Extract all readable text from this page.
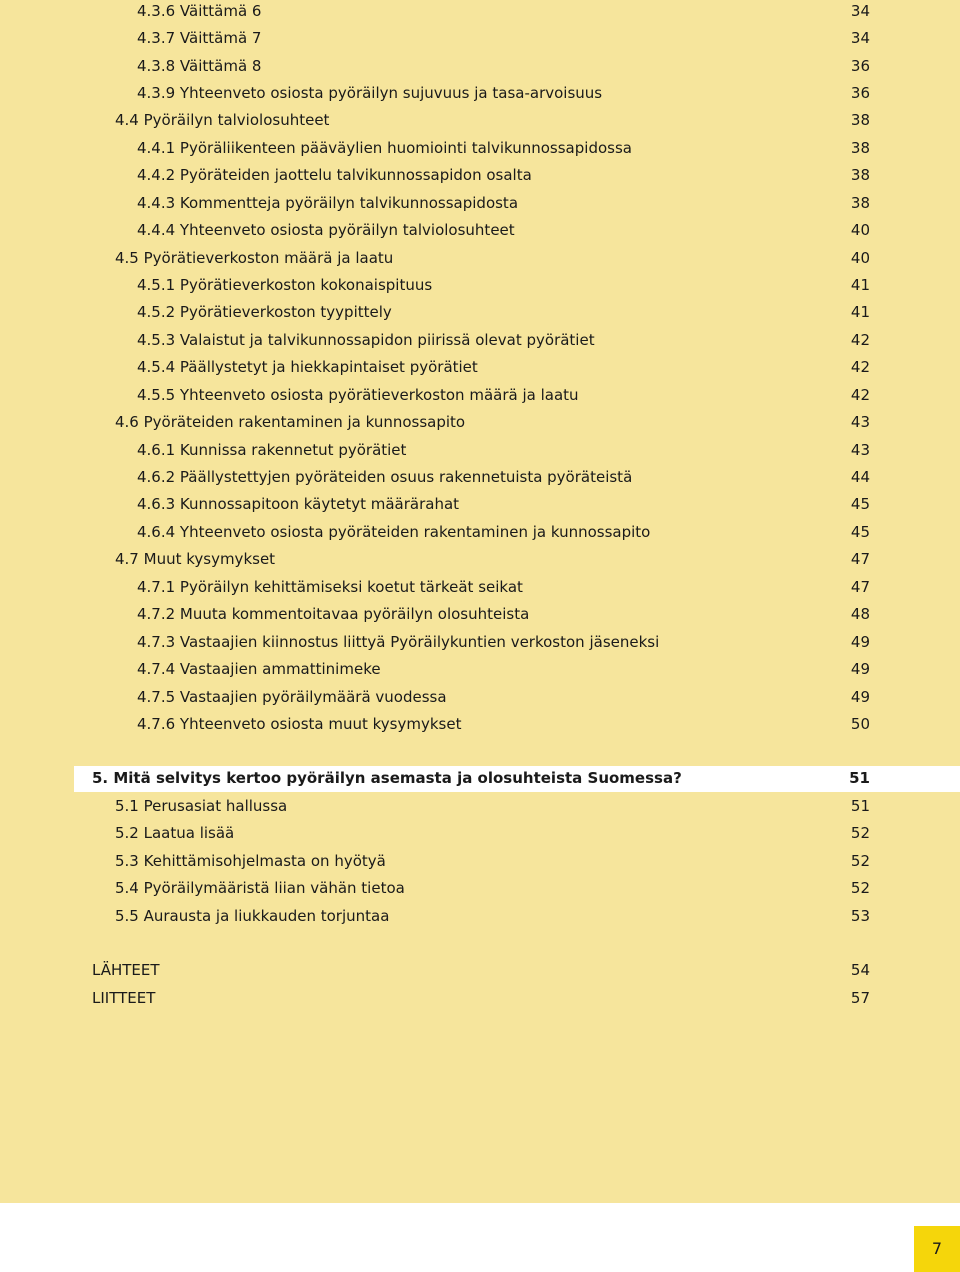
4.3.6 Väittämä 6	34
4.3.7 Väittämä 7	34
4.3.8 Väittämä 8	36
4.3.9 Yhteenveto osiosta pyöräilyn sujuvuus ja tasa-arvoisuus	36
4.4 Pyöräilyn talviolosuhteet	38
4.4.1 Pyöräliikenteen pääväylien huomiointi talvikunnossapidossa	38
4.4.2 Pyöräteiden jaottelu talvikunnossapidon osalta	38
4.4.3 Kommentteja pyöräilyn talvikunnossapidosta	38
4.4.4 Yhteenveto osiosta pyöräilyn talviolosuhteet	40
4.5 Pyörätieverkoston määrä ja laatu	40
4.5.1 Pyörätieverkoston kokonaispituus	41
4.5.2 Pyörätieverkoston tyypittely	41
4.5.3 Valaistut ja talvikunnossapidon piirissä olevat pyörätiet	42
4.5.4 Päällystetyt ja hiekkapintaiset pyörätiet	42
4.5.5 Yhteenveto osiosta pyörätieverkoston määrä ja laatu	42
4.6 Pyöräteiden rakentaminen ja kunnossapito	43
4.6.1 Kunnissa rakennetut pyörätiet	43
4.6.2 Päällystettyjen pyöräteiden osuus rakennetuista pyöräteistä	44
4.6.3 Kunnossapitoon käytetyt määrärahat	45
4.6.4 Yhteenveto osiosta pyöräteiden rakentaminen ja kunnossapito	45
4.7 Muut kysymykset	47
4.7.1 Pyöräilyn kehittämiseksi koetut tärkeät seikat	47
4.7.2 Muuta kommentoitavaa pyöräilyn olosuhteista	48
4.7.3 Vastaajien kiinnostus liittyä Pyöräilykuntien verkoston jäseneksi	49
4.7.4 Vastaajien ammattinimeke	49
4.7.5 Vastaajien pyöräilymäärä vuodessa	49
4.7.6 Yhteenveto osiosta muut kysymykset	50
5. Mitä selvitys kertoo pyöräilyn asemasta ja olosuhteista Suomessa?	51
5.1 Perusasiat hallussa	51
5.2 Laatua lisää	52
5.3 Kehittämisohjelmasta on hyötyä	52
5.4 Pyöräilymääristä liian vähän tietoa	52
5.5 Aurausta ja liukkauden torjuntaa	53
LÄHTEET	54
LIITTEET	57
7
